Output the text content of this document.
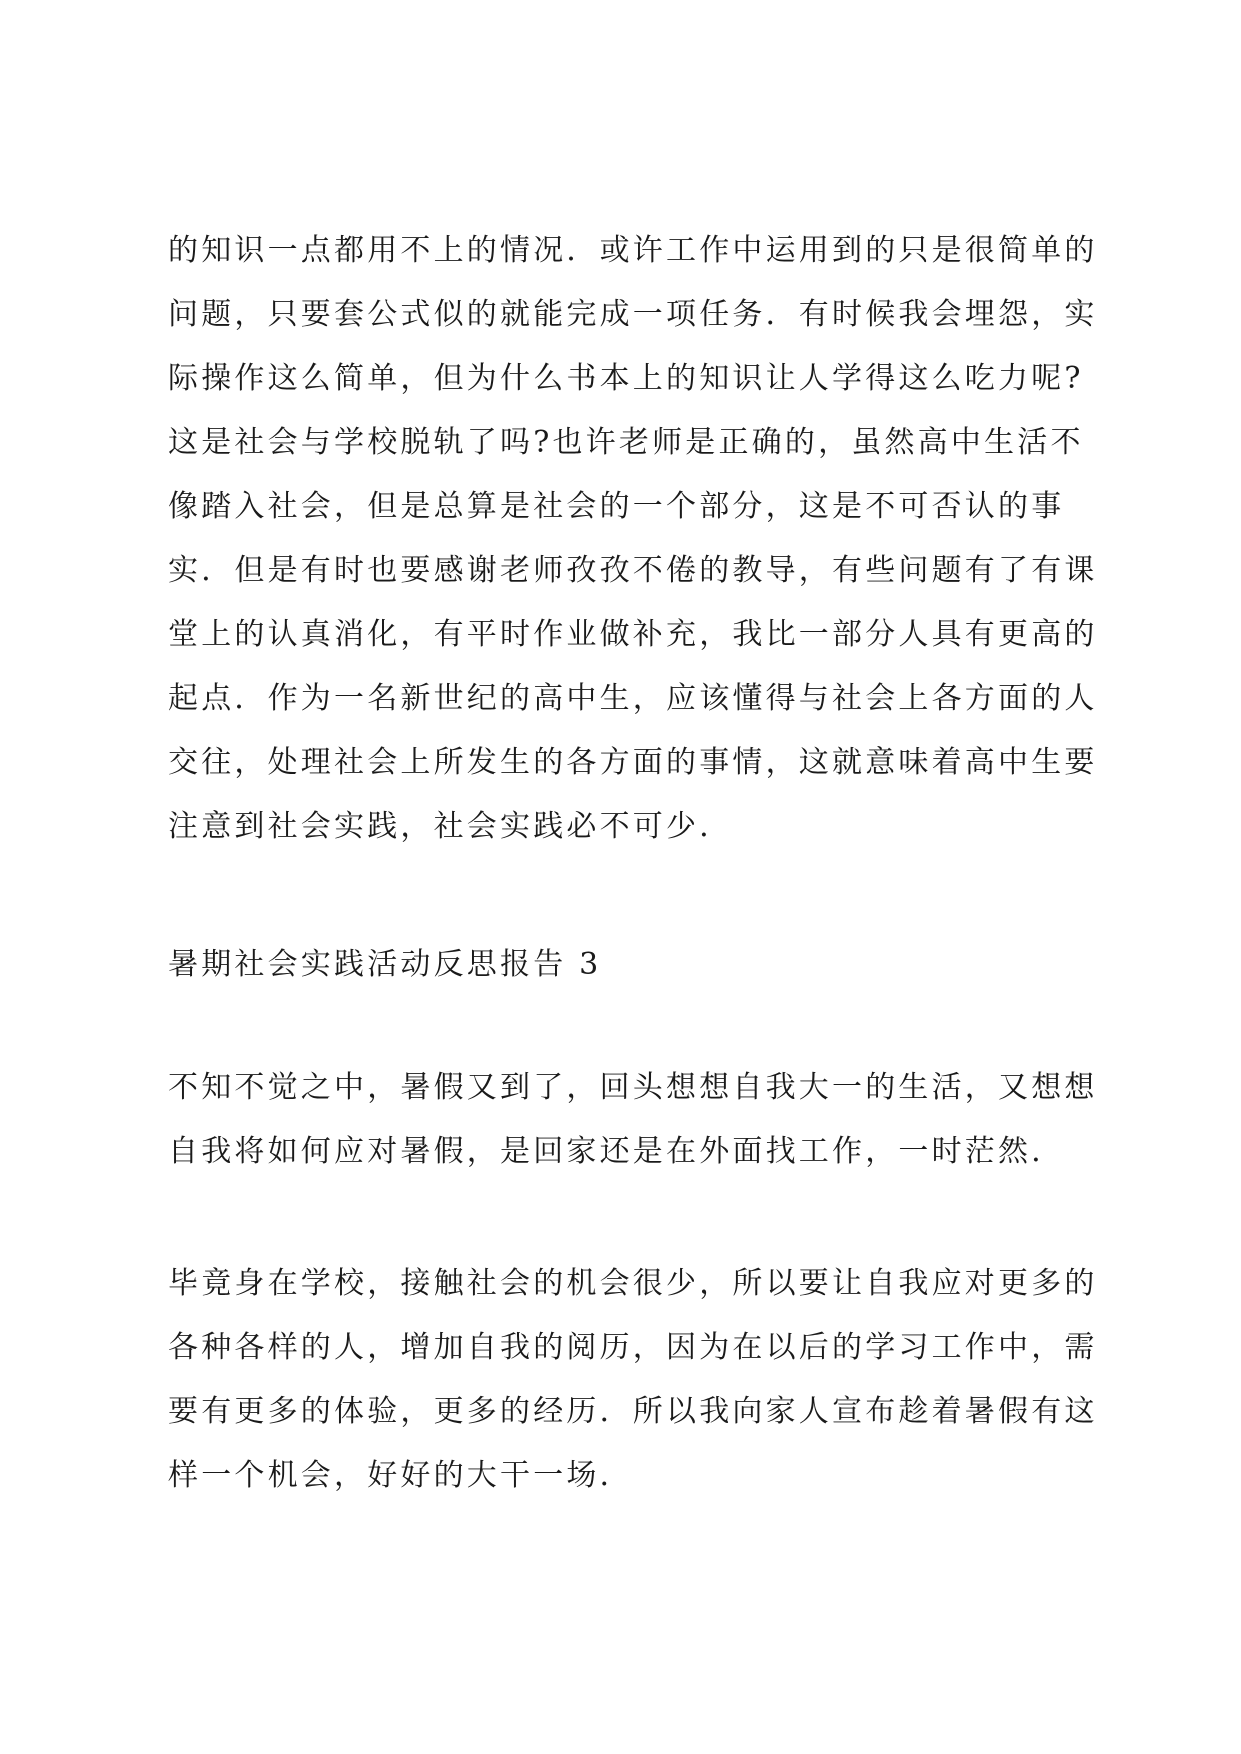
的知识一点都用不上的情况．或许工作中运用到的只是很简单的
问题，只要套公式似的就能完成一项任务．有时候我会埋怨，实
际操作这么简单，但为什么书本上的知识让人学得这么吃力呢?
这是社会与学校脱轨了吗?也许老师是正确的，虽然高中生活不
像踏入社会，但是总算是社会的一个部分，这是不可否认的事
实．但是有时也要感谢老师孜孜不倦的教导，有些问题有了有课
堂上的认真消化，有平时作业做补充，我比一部分人具有更高的
起点．作为一名新世纪的高中生，应该懂得与社会上各方面的人
交往，处理社会上所发生的各方面的事情，这就意味着高中生要
注意到社会实践，社会实践必不可少．
暑期社会实践活动反思报告 3
不知不觉之中，暑假又到了，回头想想自我大一的生活，又想想
自我将如何应对暑假，是回家还是在外面找工作，一时茫然．
毕竟身在学校，接触社会的机会很少，所以要让自我应对更多的
各种各样的人，增加自我的阅历，因为在以后的学习工作中，需
要有更多的体验，更多的经历．所以我向家人宣布趁着暑假有这
样一个机会，好好的大干一场．
